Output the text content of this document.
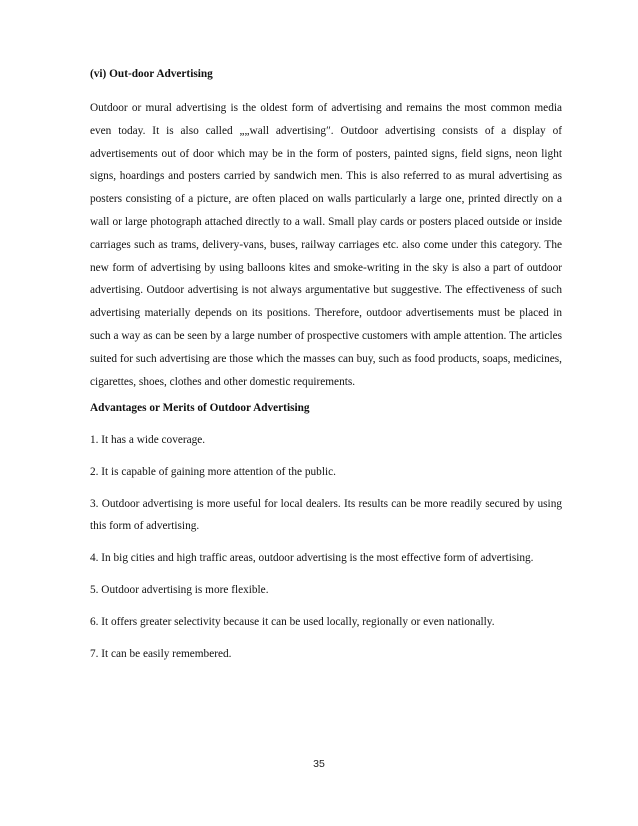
(vi) Out-door Advertising

Outdoor or mural advertising is the oldest form of advertising and remains the most common media even today. It is also called „„wall advertising″. Outdoor advertising consists of a display of advertisements out of door which may be in the form of posters, painted signs, field signs, neon light signs, hoardings and posters carried by sandwich men. This is also referred to as mural advertising as posters consisting of a picture, are often placed on walls particularly a large one, printed directly on a wall or large photograph attached directly to a wall. Small play cards or posters placed outside or inside carriages such as trams, delivery-vans, buses, railway carriages etc. also come under this category. The new form of advertising by using balloons kites and smoke-writing in the sky is also a part of outdoor advertising. Outdoor advertising is not always argumentative but suggestive. The effectiveness of such advertising materially depends on its positions. Therefore, outdoor advertisements must be placed in such a way as can be seen by a large number of prospective customers with ample attention. The articles suited for such advertising are those which the masses can buy, such as food products, soaps, medicines, cigarettes, shoes, clothes and other domestic requirements.

Advantages or Merits of Outdoor Advertising

1. It has a wide coverage.

2. It is capable of gaining more attention of the public.

3. Outdoor advertising is more useful for local dealers. Its results can be more readily secured by using this form of advertising.

4. In big cities and high traffic areas, outdoor advertising is the most effective form of advertising.

5. Outdoor advertising is more flexible.

6. It offers greater selectivity because it can be used locally, regionally or even nationally.

7. It can be easily remembered.

35
